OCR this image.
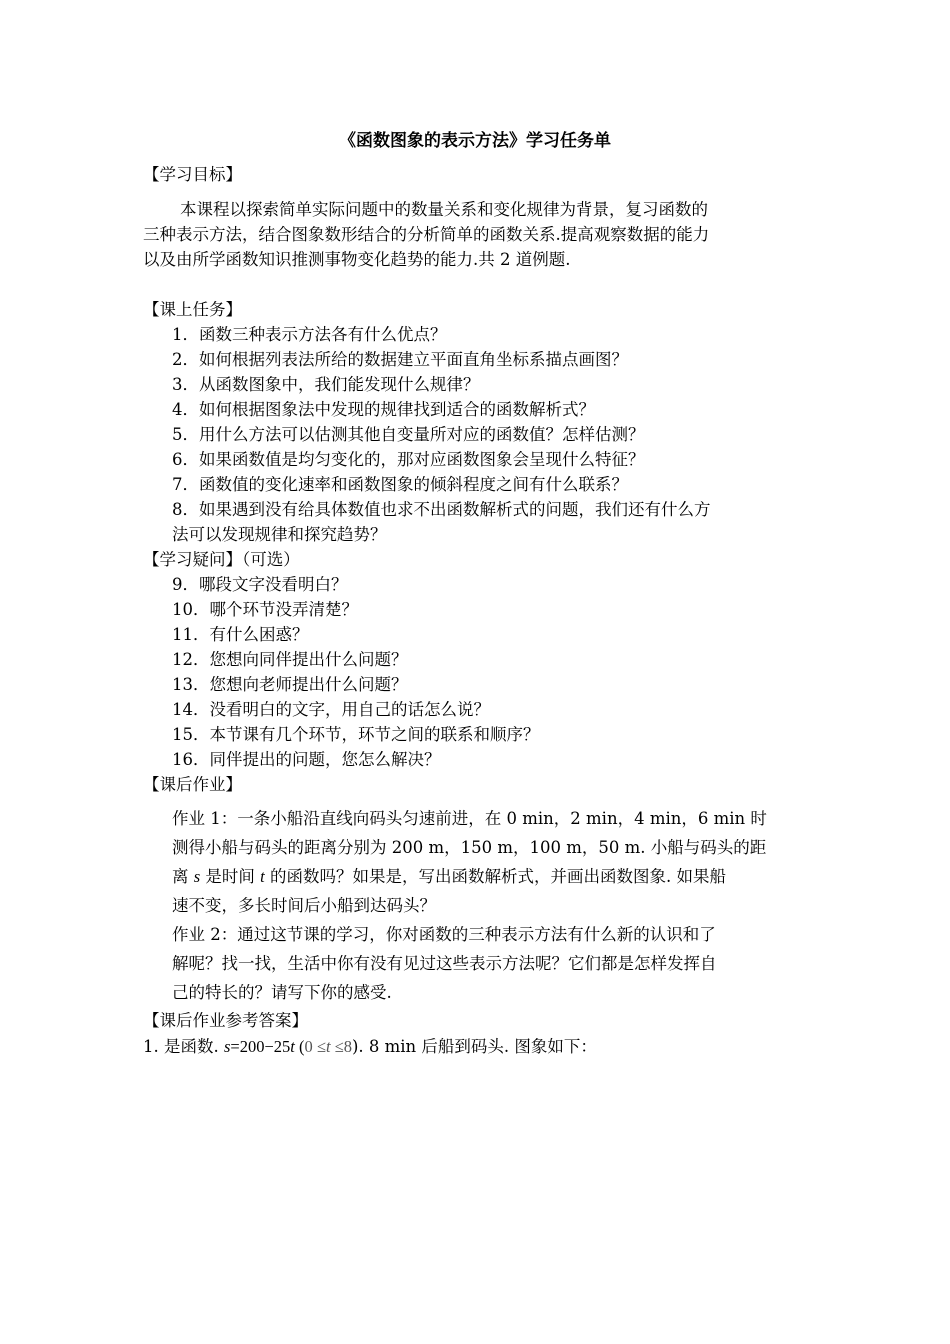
《函数图象的表示方法》学习任务单
【学习目标】
本课程以探索简单实际问题中的数量关系和变化规律为背景，复习函数的
三种表示方法，结合图象数形结合的分析简单的函数关系.提高观察数据的能力
以及由所学函数知识推测事物变化趋势的能力.共 2 道例题.
【课上任务】
1．函数三种表示方法各有什么优点？
2．如何根据列表法所给的数据建立平面直角坐标系描点画图？
3．从函数图象中，我们能发现什么规律？
4．如何根据图象法中发现的规律找到适合的函数解析式？
5．用什么方法可以估测其他自变量所对应的函数值？怎样估测？
6．如果函数值是均匀变化的，那对应函数图象会呈现什么特征？
7．函数值的变化速率和函数图象的倾斜程度之间有什么联系？
8．如果遇到没有给具体数值也求不出函数解析式的问题，我们还有什么方
法可以发现规律和探究趋势？
【学习疑问】（可选）
9．哪段文字没看明白？
10．哪个环节没弄清楚？
11．有什么困惑？
12．您想向同伴提出什么问题？
13．您想向老师提出什么问题？
14．没看明白的文字，用自己的话怎么说？
15．本节课有几个环节，环节之间的联系和顺序？
16．同伴提出的问题，您怎么解决？
【课后作业】
作业 1：一条小船沿直线向码头匀速前进，在 0 min，2 min，4 min，6 min 时
测得小船与码头的距离分别为 200 m，150 m，100 m，50 m. 小船与码头的距
离 s 是时间 t 的函数吗？如果是，写出函数解析式，并画出函数图象. 如果船
速不变，多长时间后小船到达码头？
作业 2：通过这节课的学习，你对函数的三种表示方法有什么新的认识和了
解呢？找一找，生活中你有没有见过这些表示方法呢？它们都是怎样发挥自
己的特长的？请写下你的感受.
【课后作业参考答案】
1. 是函数. s=200−25t (0 ≤t ≤8). 8 min 后船到码头. 图象如下：
